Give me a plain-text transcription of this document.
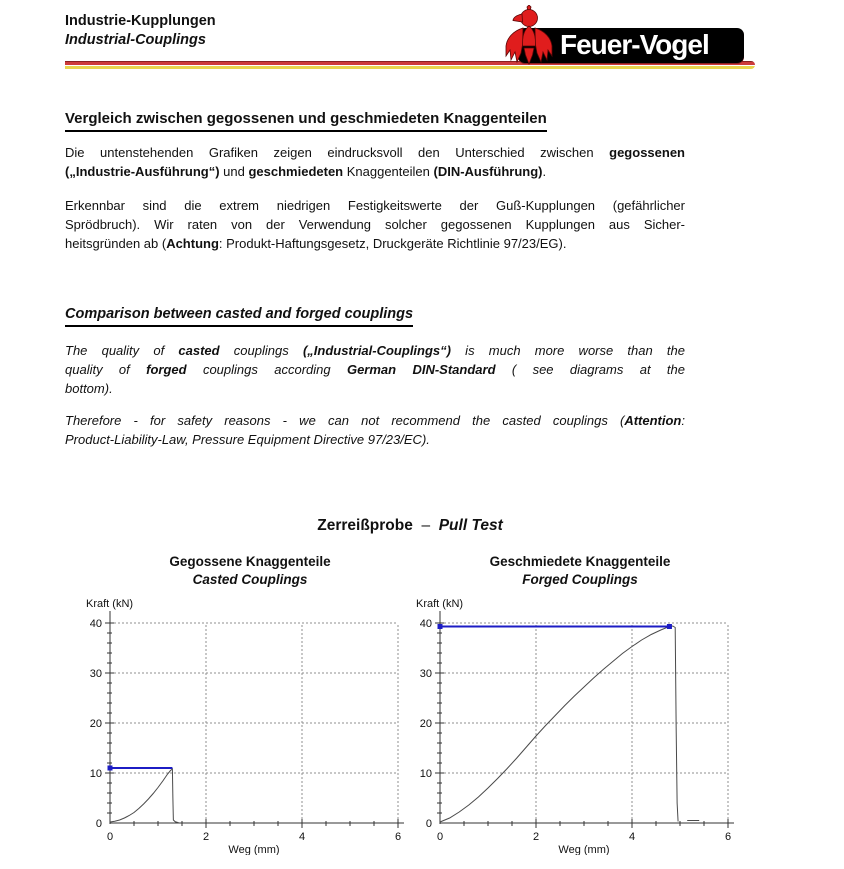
Industrie-Kupplungen
Industrial-Couplings	Feuer-Vogel
Vergleich zwischen gegossenen und geschmiedeten Knaggenteilen
Die untenstehenden Grafiken zeigen eindrucksvoll den Unterschied zwischen gegossenen
(„Industrie-Ausführung“) und geschmiedeten Knaggenteilen (DIN-Ausführung).
Erkennbar sind die extrem niedrigen Festigkeitswerte der Guß-Kupplungen (gefährlicher
Sprödbruch). Wir raten von der Verwendung solcher gegossenen Kupplungen aus Sicher-
heitsgründen ab (Achtung: Produkt-Haftungsgesetz, Druckgeräte Richtlinie 97/23/EG).
Comparison between casted and forged couplings
The quality of casted couplings („Industrial-Couplings“) is much more worse than the
quality of forged couplings according German DIN-Standard ( see diagrams at the
bottom).
Therefore - for safety reasons - we can not recommend the casted couplings (Attention:
Product-Liability-Law, Pressure Equipment Directive 97/23/EC).
Zerreißprobe  –  Pull Test
Gegossene Knaggenteile
Casted Couplings
0	2	4	6
0
10
20
30
40
Kraft (kN)
Weg (mm)
Geschmiedete Knaggenteile
Forged Couplings
0	2	4	6
0
10
20
30
40
Kraft (kN)
Weg (mm)
